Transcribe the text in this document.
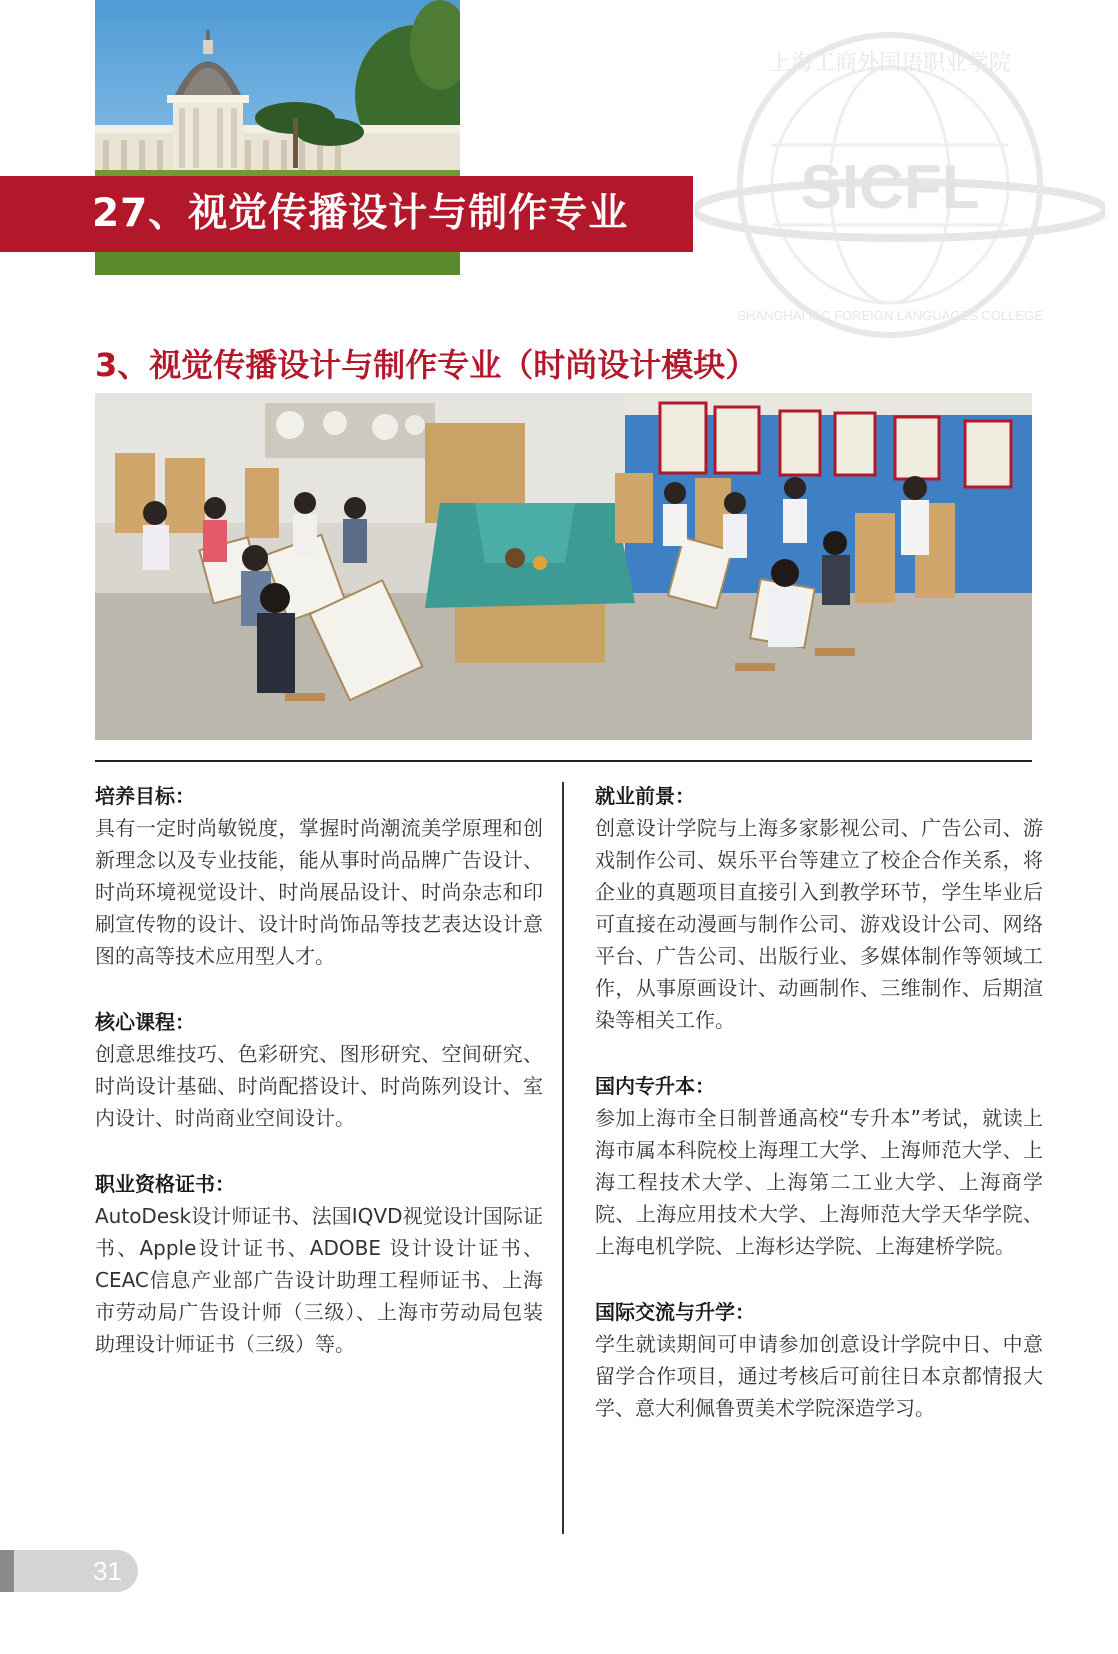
SICFL
上海工商外国语职业学院
SHANGHAI I&C FOREIGN LANGUAGES COLLEGE
27、视觉传播设计与制作专业
3、视觉传播设计与制作专业（时尚设计模块）
培养目标：

具有一定时尚敏锐度，掌握时尚潮流美学原理和创新理念以及专业技能，能从事时尚品牌广告设计、时尚环境视觉设计、时尚展品设计、时尚杂志和印刷宣传物的设计、设计时尚饰品等技艺表达设计意图的高等技术应用型人才。

核心课程：

创意思维技巧、色彩研究、图形研究、空间研究、时尚设计基础、时尚配搭设计、时尚陈列设计、室内设计、时尚商业空间设计。

职业资格证书：

AutoDesk设计师证书、法国IQVD视觉设计国际证书、Apple设计证书、ADOBE 设计设计证书、CEAC信息产业部广告设计助理工程师证书、上海市劳动局广告设计师（三级）、上海市劳动局包装助理设计师证书（三级）等。

就业前景：

创意设计学院与上海多家影视公司、广告公司、游戏制作公司、娱乐平台等建立了校企合作关系，将企业的真题项目直接引入到教学环节，学生毕业后可直接在动漫画与制作公司、游戏设计公司、网络平台、广告公司、出版行业、多媒体制作等领域工作，从事原画设计、动画制作、三维制作、后期渲染等相关工作。

国内专升本：

参加上海市全日制普通高校“专升本”考试，就读上海市属本科院校上海理工大学、上海师范大学、上海工程技术大学、上海第二工业大学、上海商学院、上海应用技术大学、上海师范大学天华学院、上海电机学院、上海杉达学院、上海建桥学院。

国际交流与升学：

学生就读期间可申请参加创意设计学院中日、中意留学合作项目，通过考核后可前往日本京都情报大学、意大利佩鲁贾美术学院深造学习。

31
